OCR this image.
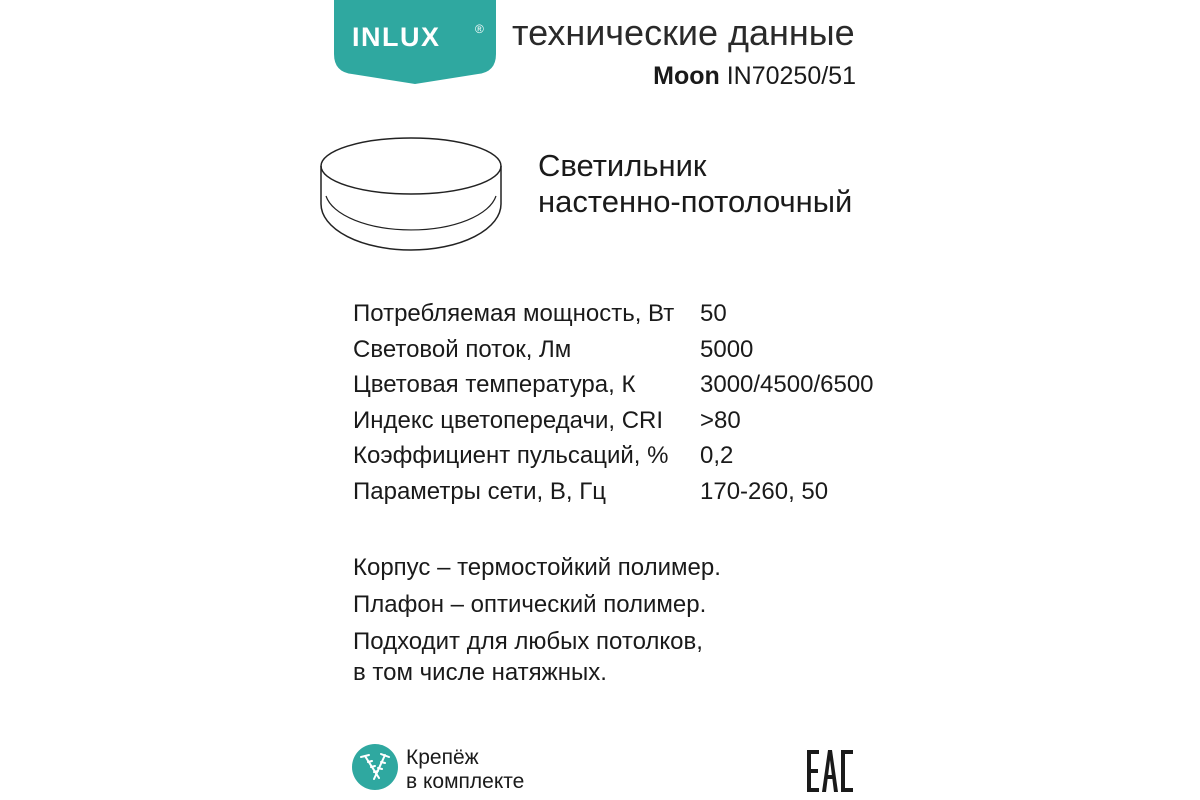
INLUX	® технические данные
Moon IN70250/51
Светильник
настенно-потолочный
Потребляемая мощность, Вт 50
Световой поток, Лм	5000
Цветовая температура, К	3000/4500/6500
Индекс цветопередачи, CRI >80
Коэффициент пульсаций, % 0,2
Параметры сети, В, Гц	170-260, 50

Корпус – термостойкий полимер.

Плафон – оптический полимер.

Подходит для любых потолков,
в том числе натяжных.

Крепёж
в комплекте
